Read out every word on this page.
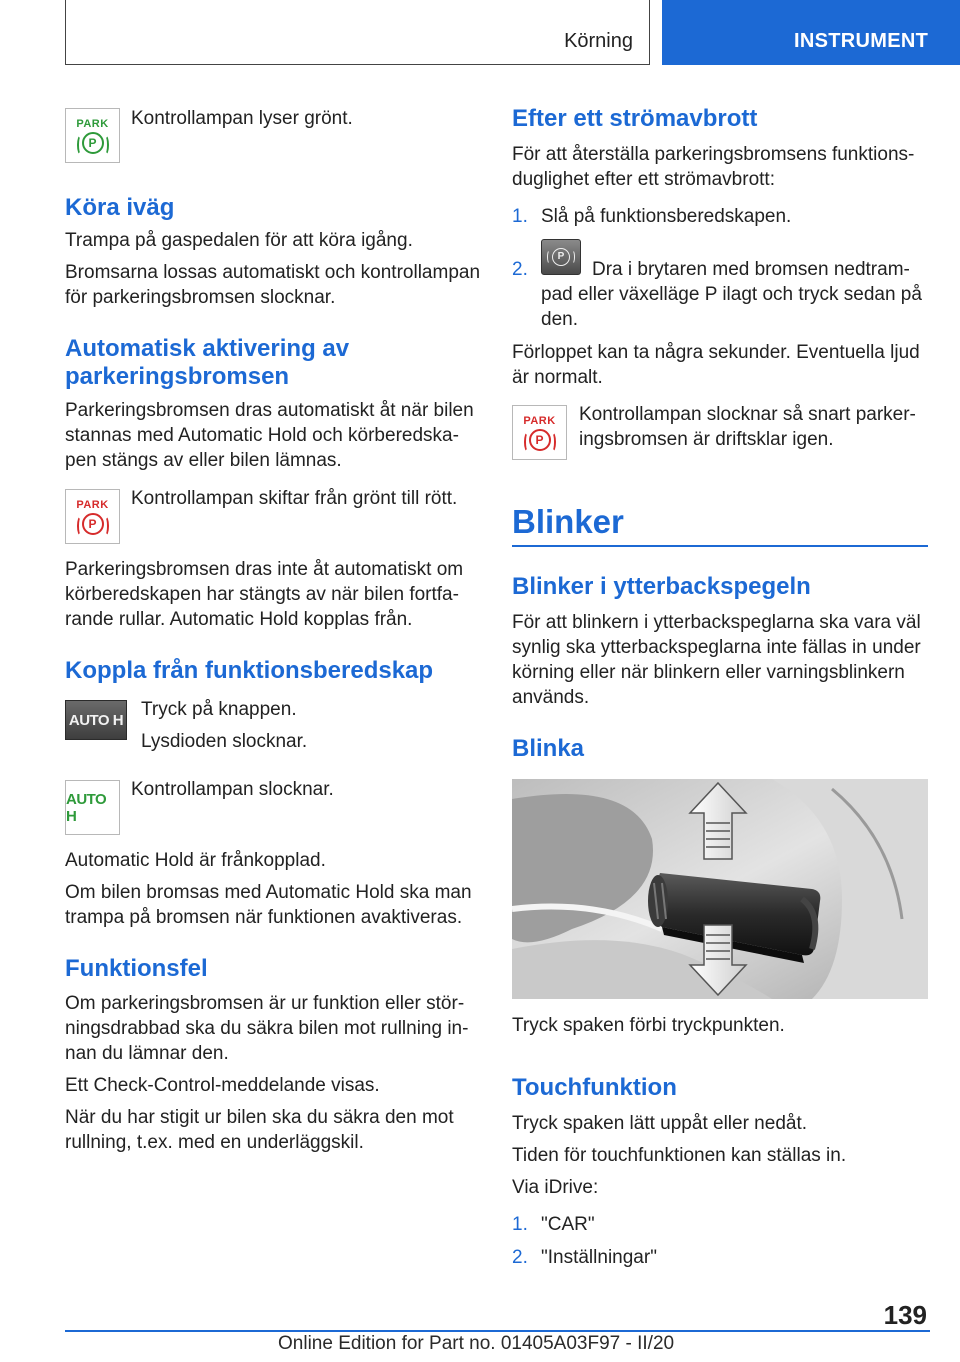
Körning	INSTRUMENT
PARK
P
Kontrollampan lyser grönt.
Köra iväg
Trampa på gaspedalen för att köra igång.
Bromsarna lossas automatiskt och kontrollampan
för parkeringsbromsen slocknar.
Automatisk aktivering av
parkeringsbromsen
Parkeringsbromsen dras automatiskt åt när bilen
stannas med Automatic Hold och körberedska-
pen stängs av eller bilen lämnas.
PARK
P
Kontrollampan skiftar från grönt till rött.
Parkeringsbromsen dras inte åt automatiskt om
körberedskapen har stängts av när bilen fortfa-
rande rullar. Automatic Hold kopplas från.
Koppla från funktionsberedskap
AUTO H Tryck på knappen.
Lysdioden slocknar.
AUTO H
Kontrollampan slocknar.
Automatic Hold är frånkopplad.
Om bilen bromsas med Automatic Hold ska man
trampa på bromsen när funktionen avaktiveras.
Funktionsfel
Om parkeringsbromsen är ur funktion eller stör-
ningsdrabbad ska du säkra bilen mot rullning in-
nan du lämnar den.
Ett Check-Control-meddelande visas.
När du har stigit ur bilen ska du säkra den mot
rullning, t.ex. med en underläggskil.
Efter ett strömavbrott
För att återställa parkeringsbromsens funktions-
duglighet efter ett strömavbrott:
1. Slå på funktionsberedskapen.
2.
P
Dra i brytaren med bromsen nedtram-
pad eller växelläge P ilagt och tryck sedan på
den.
Förloppet kan ta några sekunder. Eventuella ljud
är normalt.
PARK
P
Kontrollampan slocknar så snart parker-
ingsbromsen är driftsklar igen.
Blinker
Blinker i ytterbackspegeln
För att blinkern i ytterbackspeglarna ska vara väl
synlig ska ytterbackspeglarna inte fällas in under
körning eller när blinkern eller varningsblinkern
används.
Blinka
Tryck spaken förbi tryckpunkten.
Touchfunktion
Tryck spaken lätt uppåt eller nedåt.
Tiden för touchfunktionen kan ställas in.
Via iDrive:
1. "CAR"
2. "Inställningar"
139
Online Edition for Part no. 01405A03F97 - II/20
